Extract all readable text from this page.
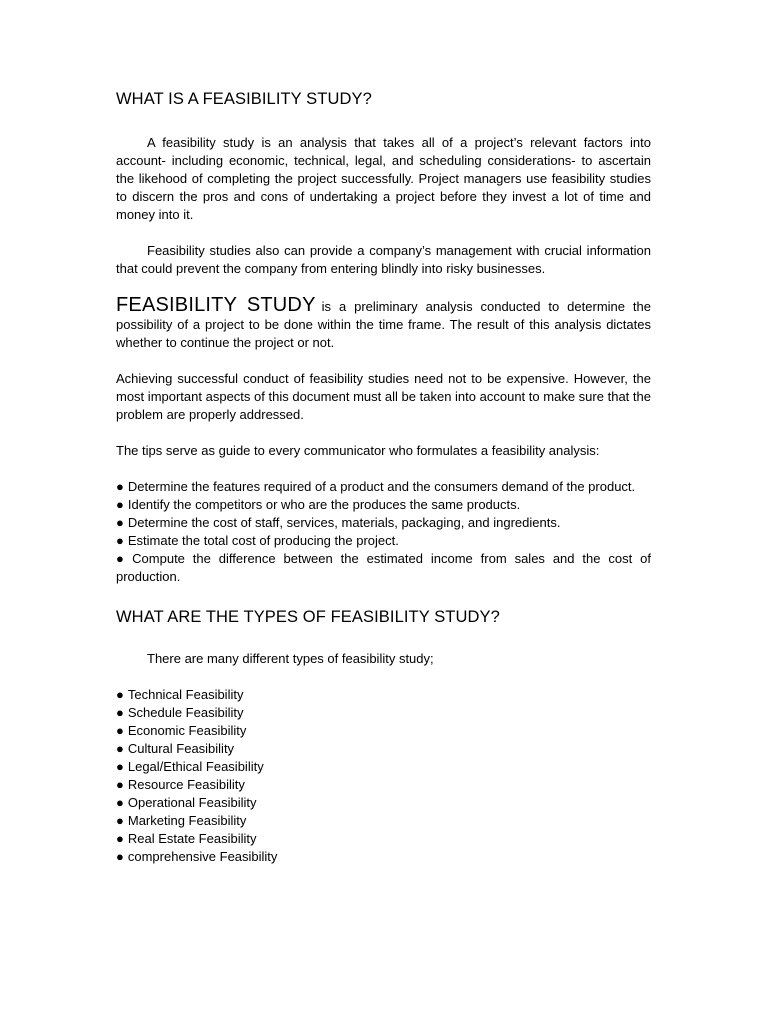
WHAT IS A FEASIBILITY STUDY?

A feasibility study is an analysis that takes all of a project’s relevant factors into account- including economic, technical, legal, and scheduling considerations- to ascertain the likehood of completing the project successfully. Project managers use feasibility studies to discern the pros and cons of undertaking a project before they invest a lot of time and money into it.

Feasibility studies also can provide a company’s management with crucial information that could prevent the company from entering blindly into risky businesses.

FEASIBILITY STUDY is a preliminary analysis conducted to determine the possibility of a project to be done within the time frame. The result of this analysis dictates whether to continue the project or not.

Achieving successful conduct of feasibility studies need not to be expensive. However, the most important aspects of this document must all be taken into account to make sure that the problem are properly addressed.

The tips serve as guide to every communicator who formulates a feasibility analysis:

● Determine the features required of a product and the consumers demand of the product.
● Identify the competitors or who are the produces the same products.
● Determine the cost of staff, services, materials, packaging, and ingredients.
● Estimate the total cost of producing the project.
● Compute the difference between the estimated income from sales and the cost of production.
WHAT ARE THE TYPES OF FEASIBILITY STUDY?

There are many different types of feasibility study;

● Technical Feasibility
● Schedule Feasibility
● Economic Feasibility
● Cultural Feasibility
● Legal/Ethical Feasibility
● Resource Feasibility
● Operational Feasibility
● Marketing Feasibility
● Real Estate Feasibility
● comprehensive Feasibility
